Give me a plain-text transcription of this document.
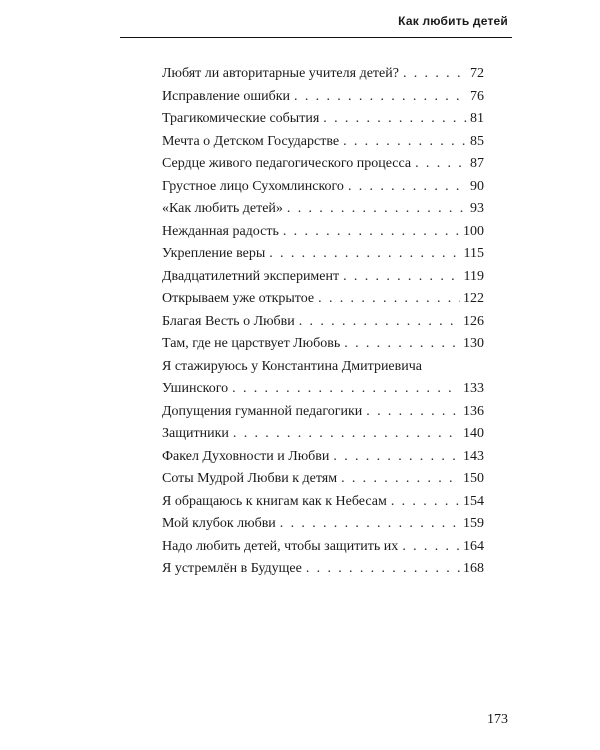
Как любить детей
Любят ли авторитарные учителя детей? . . .	72
Исправление ошибки . . .	76
Трагикомические события . . .	81
Мечта о Детском Государстве . . .	85
Сердце живого педагогического процесса . . .	87
Грустное лицо Сухомлинского . . .	90
«Как любить детей» . . .	93
Нежданная радость . . .	100
Укрепление веры . . .	115
Двадцатилетний эксперимент . . .	119
Открываем уже открытое . . .	122
Благая Весть о Любви . . .	126
Там, где не царствует Любовь . . .	130
Я стажируюсь у Константина Дмитриевича
Ушинского . . .	133
Допущения гуманной педагогики . . .	136
Защитники . . .	140
Факел Духовности и Любви . . .	143
Соты Мудрой Любви к детям . . .	150
Я обращаюсь к книгам как к Небесам . . .	154
Мой клубок любви . . .	159
Надо любить детей, чтобы защитить их . . .	164
Я устремлён в Будущее . . .	168
173
